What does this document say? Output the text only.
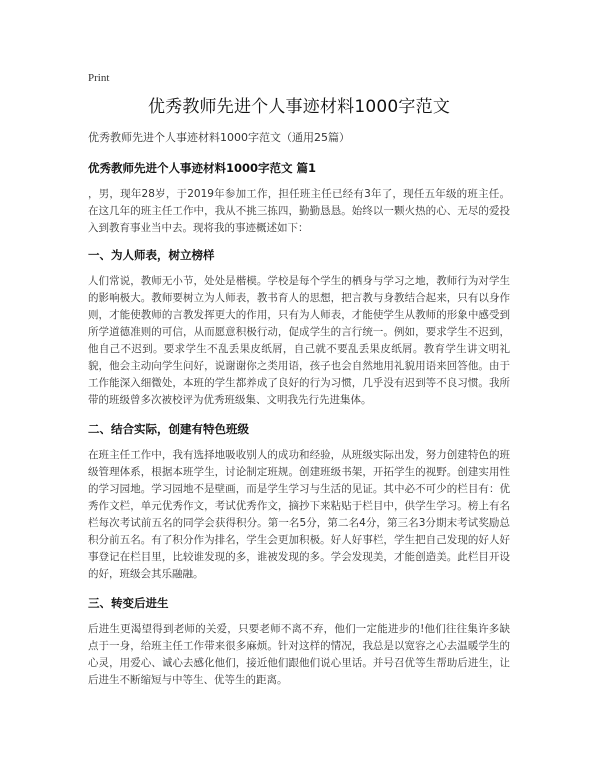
Print
优秀教师先进个人事迹材料1000字范文
优秀教师先进个人事迹材料1000字范文（通用25篇）
优秀教师先进个人事迹材料1000字范文 篇1

，男，现年28岁，于2019年参加工作，担任班主任已经有3年了，现任五年级的班主任。在这几年的班主任工作中，我从不挑三拣四，勤勤恳恳。始终以一颗火热的心、无尽的爱投入到教育事业当中去。现将我的事迹概述如下：

一、为人师表，树立榜样

人们常说，教师无小节，处处是楷模。学校是每个学生的栖身与学习之地，教师行为对学生的影响极大。教师要树立为人师表，教书育人的思想，把言教与身教结合起来，只有以身作则，才能使教师的言教发挥更大的作用，只有为人师表，才能使学生从教师的形象中感受到所学道德准则的可信，从而愿意积极行动，促成学生的言行统一。例如，要求学生不迟到，他自己不迟到。要求学生不乱丢果皮纸屑，自己就不要乱丢果皮纸屑。教育学生讲文明礼貌，他会主动向学生问好，说谢谢你之类用语，孩子也会自然地用礼貌用语来回答他。由于工作能深入细微处，本班的学生都养成了良好的行为习惯，几乎没有迟到等不良习惯。我所带的班级曾多次被校评为优秀班级集、文明我先行先进集体。

二、结合实际，创建有特色班级

在班主任工作中，我有选择地吸收别人的成功和经验，从班级实际出发，努力创建特色的班级管理体系，根据本班学生，讨论制定班规。创建班级书架，开拓学生的视野。创建实用性的学习园地。学习园地不是壁画，而是学生学习与生活的见证。其中必不可少的栏目有：优秀作文栏，单元优秀作文，考试优秀作文，摘抄下来粘贴于栏目中，供学生学习。榜上有名栏每次考试前五名的同学会获得积分。第一名5分，第二名4分，第三名3分期末考试奖励总积分前五名。有了积分作为排名，学生会更加积极。好人好事栏，学生把自己发现的好人好事登记在栏目里，比较谁发现的多，谁被发现的多。学会发现美，才能创造美。此栏目开设的好，班级会其乐融融。

三、转变后进生

后进生更渴望得到老师的关爱，只要老师不离不弃，他们一定能进步的!他们往往集许多缺点于一身，给班主任工作带来很多麻烦。针对这样的情况，我总是以宽容之心去温暖学生的心灵，用爱心、诚心去感化他们，接近他们跟他们说心里话。并号召优等生帮助后进生，让后进生不断缩短与中等生、优等生的距离。
